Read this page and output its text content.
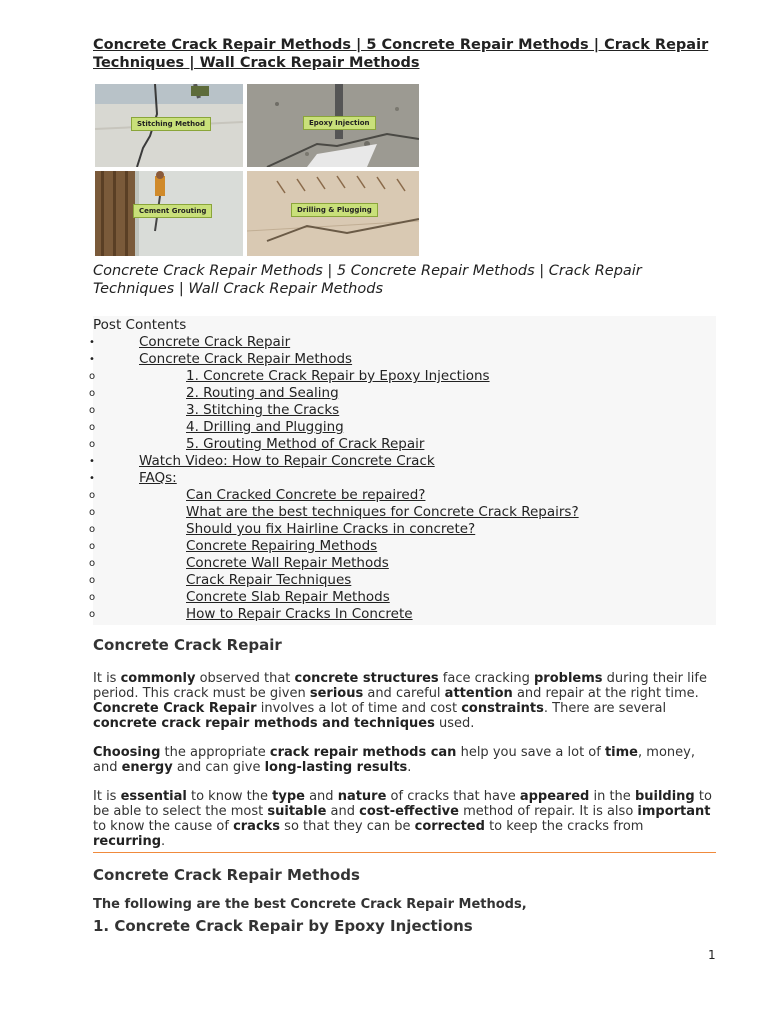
Concrete Crack Repair Methods | 5 Concrete Repair Methods | Crack Repair Techniques | Wall Crack Repair Methods
Stitching Method	Epoxy Injection
Cement Grouting	Drilling & Plugging
Concrete Crack Repair Methods | 5 Concrete Repair Methods | Crack Repair Techniques | Wall Crack Repair Methods
Post Contents
•	Concrete Crack Repair
•	Concrete Crack Repair Methods
o	1. Concrete Crack Repair by Epoxy Injections
o	2. Routing and Sealing
o	3. Stitching the Cracks
o	4. Drilling and Plugging
o	5. Grouting Method of Crack Repair
•	Watch Video: How to Repair Concrete Crack
•	FAQs:
o	Can Cracked Concrete be repaired?
o	What are the best techniques for Concrete Crack Repairs?
o	Should you fix Hairline Cracks in concrete?
o	Concrete Repairing Methods
o	Concrete Wall Repair Methods
o	Crack Repair Techniques
o	Concrete Slab Repair Methods
o	How to Repair Cracks In Concrete
Concrete Crack Repair

It is commonly observed that concrete structures face cracking problems during their life period. This crack must be given serious and careful attention and repair at the right time. Concrete Crack Repair involves a lot of time and cost constraints. There are several concrete crack repair methods and techniques used.

Choosing the appropriate crack repair methods can help you save a lot of time, money, and energy and can give long-lasting results.

It is essential to know the type and nature of cracks that have appeared in the building to be able to select the most suitable and cost-effective method of repair. It is also important to know the cause of cracks so that they can be corrected to keep the cracks from recurring.

Concrete Crack Repair Methods

The following are the best Concrete Crack Repair Methods,

1. Concrete Crack Repair by Epoxy Injections
1
